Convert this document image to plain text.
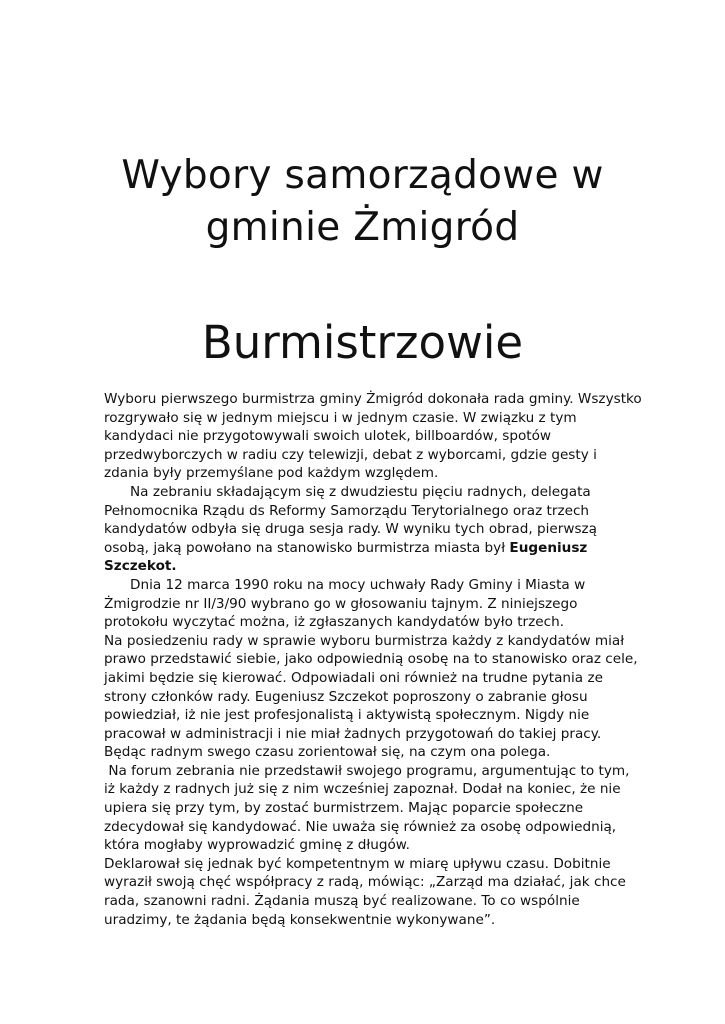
Wybory samorządowe w
gminie Żmigród
Burmistrzowie

Wyboru pierwszego burmistrza gminy Żmigród dokonała rada gminy. Wszystko rozgrywało się w jednym miejscu i w jednym czasie. W związku z tym kandydaci nie przygotowywali swoich ulotek, billboardów, spotów przedwyborczych w radiu czy telewizji, debat z wyborcami, gdzie gesty i zdania były przemyślane pod każdym względem.

Na zebraniu składającym się z dwudziestu pięciu radnych, delegata Pełnomocnika Rządu ds Reformy Samorządu Terytorialnego oraz trzech kandydatów odbyła się druga sesja rady. W wyniku tych obrad, pierwszą osobą, jaką powołano na stanowisko burmistrza miasta był Eugeniusz Szczekot.

Dnia 12 marca 1990 roku na mocy uchwały Rady Gminy i Miasta w Żmigrodzie nr II/3/90 wybrano go w głosowaniu tajnym. Z niniejszego protokołu wyczytać można, iż zgłaszanych kandydatów było trzech.

Na posiedzeniu rady w sprawie wyboru burmistrza każdy z kandydatów miał prawo przedstawić siebie, jako odpowiednią osobę na to stanowisko oraz cele, jakimi będzie się kierować. Odpowiadali oni również na trudne pytania ze strony członków rady. Eugeniusz Szczekot poproszony o zabranie głosu powiedział, iż nie jest profesjonalistą i aktywistą społecznym. Nigdy nie pracował w administracji i nie miał żadnych przygotowań do takiej pracy. Będąc radnym swego czasu zorientował się, na czym ona polega.

Na forum zebrania nie przedstawił swojego programu, argumentując to tym, iż każdy z radnych już się z nim wcześniej zapoznał. Dodał na koniec, że nie upiera się przy tym, by zostać burmistrzem. Mając poparcie społeczne zdecydował się kandydować. Nie uważa się również za osobę odpowiednią, która mogłaby wyprowadzić gminę z długów.

Deklarował się jednak być kompetentnym w miarę upływu czasu. Dobitnie wyraził swoją chęć współpracy z radą, mówiąc: „Zarząd ma działać, jak chce rada, szanowni radni. Żądania muszą być realizowane. To co wspólnie uradzimy, te żądania będą konsekwentnie wykonywane”.
